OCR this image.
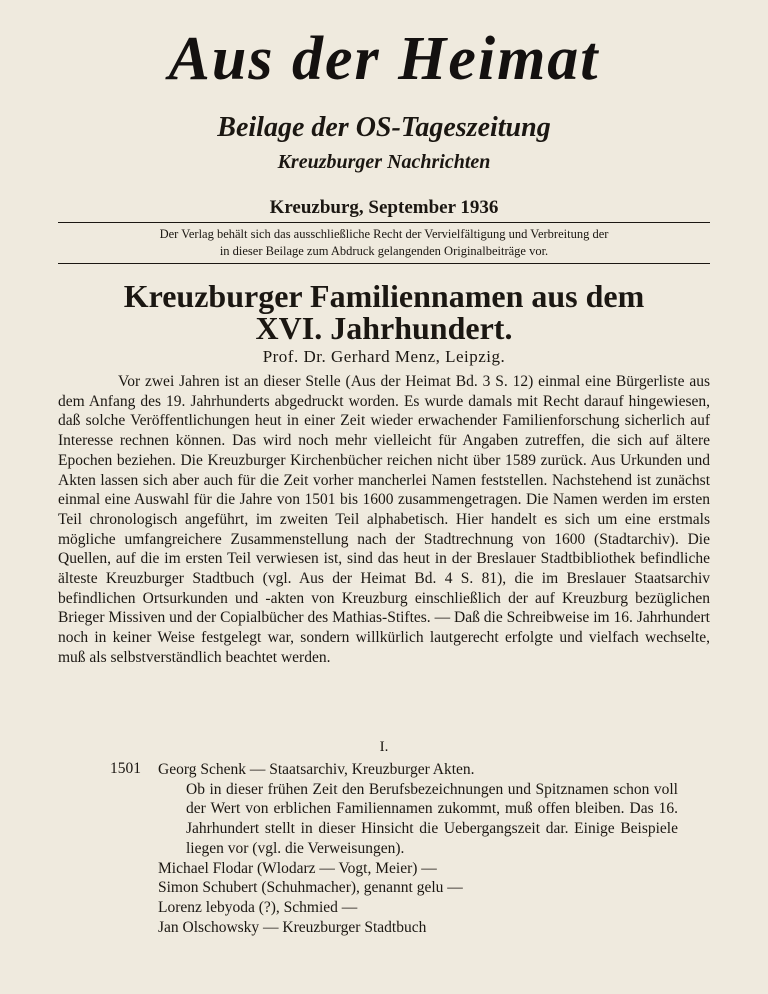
Aus der Heimat
Beilage der OS-Tageszeitung
Kreuzburger Nachrichten
Kreuzburg, September 1936
Der Verlag behält sich das ausschließliche Recht der Vervielfältigung und Verbreitung der
in dieser Beilage zum Abdruck gelangenden Originalbeiträge vor.
Kreuzburger Familiennamen aus dem
XVI. Jahrhundert.
Prof. Dr. Gerhard Menz, Leipzig.

Vor zwei Jahren ist an dieser Stelle (Aus der Heimat Bd. 3 S. 12) einmal eine Bürgerliste aus dem Anfang des 19. Jahrhunderts abgedruckt worden. Es wurde damals mit Recht darauf hingewiesen, daß solche Veröffentlichungen heut in einer Zeit wieder erwachender Familienforschung sicherlich auf Interesse rechnen können. Das wird noch mehr vielleicht für Angaben zutreffen, die sich auf ältere Epochen beziehen. Die Kreuzburger Kirchenbücher reichen nicht über 1589 zurück. Aus Urkunden und Akten lassen sich aber auch für die Zeit vorher mancherlei Namen feststellen. Nachstehend ist zunächst einmal eine Auswahl für die Jahre von 1501 bis 1600 zusammengetragen. Die Namen werden im ersten Teil chronologisch angeführt, im zweiten Teil alphabetisch. Hier handelt es sich um eine erstmals mögliche umfangreichere Zusammenstellung nach der Stadtrechnung von 1600 (Stadtarchiv). Die Quellen, auf die im ersten Teil verwiesen ist, sind das heut in der Breslauer Stadtbibliothek befindliche älteste Kreuzburger Stadtbuch (vgl. Aus der Heimat Bd. 4 S. 81), die im Breslauer Staatsarchiv befindlichen Ortsurkunden und -akten von Kreuzburg einschließlich der auf Kreuzburg bezüglichen Brieger Missiven und der Copialbücher des Mathias-Stiftes. — Daß die Schreibweise im 16. Jahrhundert noch in keiner Weise festgelegt war, sondern willkürlich lautgerecht erfolgte und vielfach wechselte, muß als selbstverständlich beachtet werden.

I.
1501 Georg Schenk — Staatsarchiv, Kreuzburger Akten.

Ob in dieser frühen Zeit den Berufsbezeichnungen und Spitznamen schon voll der Wert von erblichen Familiennamen zukommt, muß offen bleiben. Das 16. Jahrhundert stellt in dieser Hinsicht die Uebergangszeit dar. Einige Beispiele liegen vor (vgl. die Verweisungen).

Michael Flodar (Wlodarz — Vogt, Meier) —

Simon Schubert (Schuhmacher), genannt gelu —

Lorenz lebyoda (?), Schmied —

Jan Olschowsky — Kreuzburger Stadtbuch
